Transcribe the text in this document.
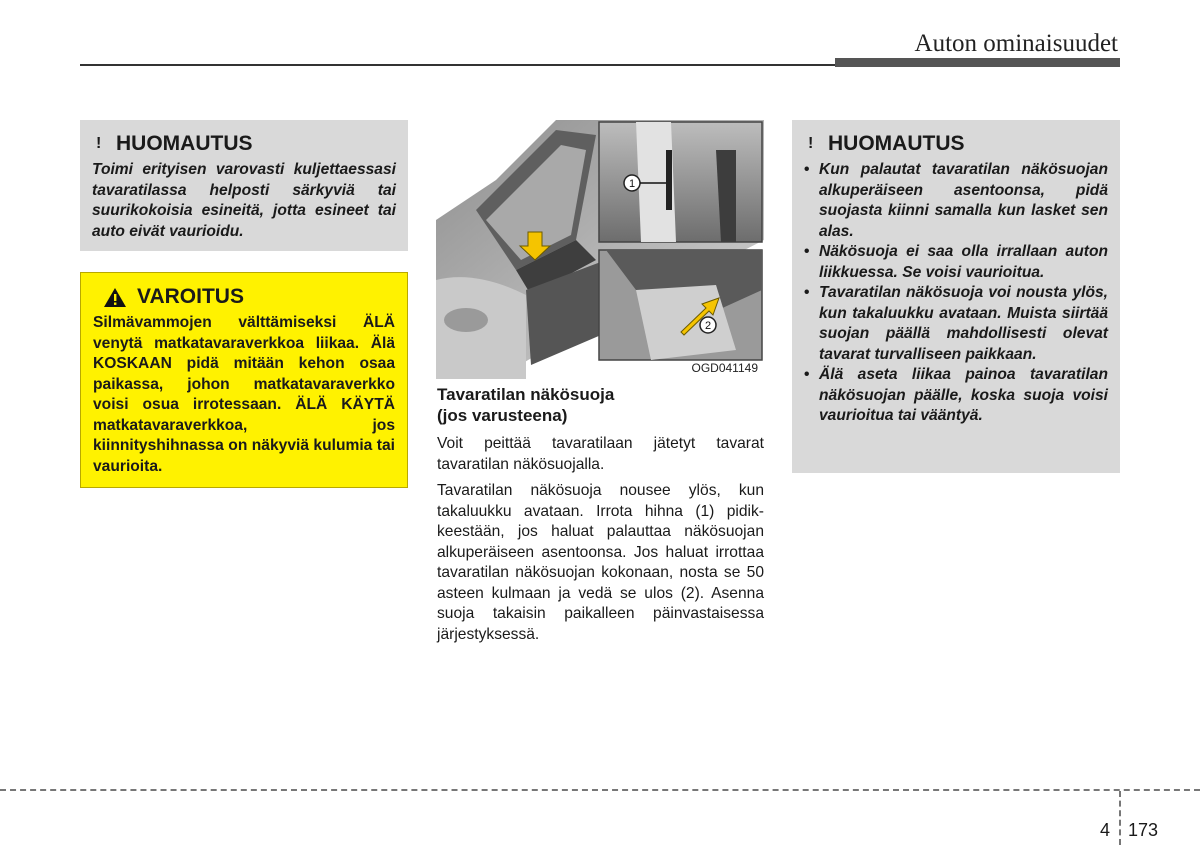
Auton ominaisuudet
! HUOMAUTUS
Toimi erityisen varovasti kuljettaessasi tavaratilassa helposti särkyviä tai suurikokoisia esineitä, jotta esineet tai auto eivät vaurioidu.
VAROITUS
Silmävammojen välttämiseksi ÄLÄ venytä matkatavaraverkkoa liikaa. Älä KOSKAAN pidä mitään kehon osaa paikassa, johon matkatavaraverkko voisi osua irrotessaan. ÄLÄ KÄYTÄ matkatavaraverkkoa, jos kiinnityshihnassa on näkyviä kulumia tai vaurioita.
1
2
OGD041149
Tavaratilan näkösuoja
(jos varusteena)

Voit peittää tavaratilaan jätetyt tavarat tavaratilan näkösuojalla.

Tavaratilan näkösuoja nousee ylös, kun takaluukku avataan. Irrota hihna (1) pidikkeestään, jos haluat palauttaa näkösuojan alkuperäiseen asentoonsa. Jos haluat irrottaa tavaratilan näkösuojan kokonaan, nosta se 50 asteen kulmaan ja vedä se ulos (2). Asenna suoja takaisin paikalleen päinvastaisessa järjestyksessä.

! HUOMAUTUS
• Kun palautat tavaratilan näkösuojan alkuperäiseen asentoonsa, pidä suojasta kiinni samalla kun lasket sen alas.
• Näkösuoja ei saa olla irrallaan auton liikkuessa. Se voisi vaurioitua.
• Tavaratilan näkösuoja voi nousta ylös, kun takaluukku avataan. Muista siirtää suojan päällä mahdollisesti olevat tavarat turvalliseen paikkaan.
• Älä aseta liikaa painoa tavaratilan näkösuojan päälle, koska suoja voisi vaurioitua tai vääntyä.
4 173
